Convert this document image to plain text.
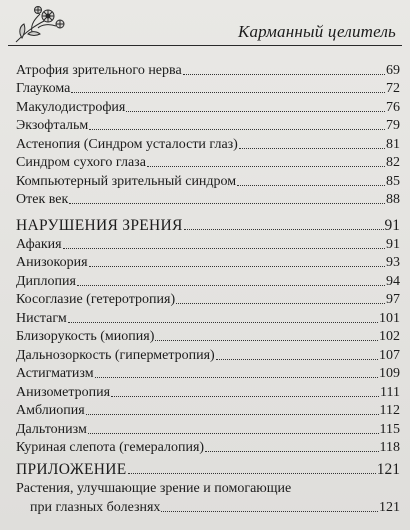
Карманный целитель
Атрофия зрительного нерва	69
Глаукома	72
Макулодистрофия	76
Экзофтальм	79
Астенопия (Синдром усталости глаз)	81
Синдром сухого глаза	82
Компьютерный зрительный синдром	85
Отек век	88
НАРУШЕНИЯ ЗРЕНИЯ	91
Афакия	91
Анизокория	93
Диплопия	94
Косоглазие (гетеротропия)	97
Нистагм	101
Близорукость (миопия)	102
Дальнозоркость (гиперметропия)	107
Астигматизм	109
Анизометропия	111
Амблиопия	112
Дальтонизм	115
Куриная слепота (гемералопия)	118
ПРИЛОЖЕНИЕ	121
Растения, улучшающие зрение и помогающие
при глазных болезнях	121
